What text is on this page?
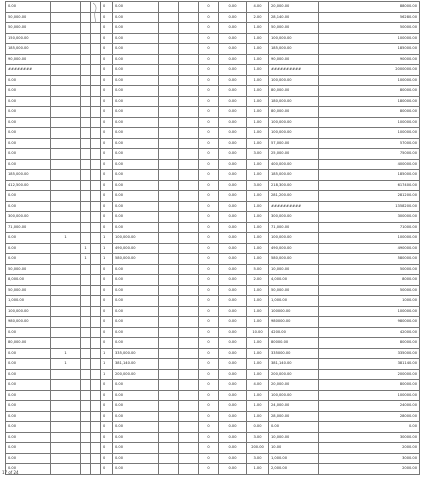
0.00				0	0.00			0	0.00	4.00	20,000.00	88000.00
50,000.00				0	0.00			0	0.00	2.00	28,140.00	56280.00
50,000.00				0	0.00			0	0.00	1.00	50,000.00	50000.00
150,000.00				0	0.00			0	0.00	1.00	100,000.00	100000.00
185,000.00				0	0.00			0	0.00	1.00	185,000.00	185000.00
90,000.00				0	0.00			0	0.00	1.00	90,000.00	90000.00
########				0	0.00			0	0.00	1.00	##########	2000000.00
0.00				0	0.00			0	0.00	1.00	100,000.00	100000.00
0.00				0	0.00			0	0.00	1.00	80,000.00	80000.00
0.00				0	0.00			0	0.00	1.00	180,000.00	180000.00
0.00				0	0.00			0	0.00	1.00	80,000.00	80000.00
0.00				0	0.00			0	0.00	1.00	100,000.00	100000.00
0.00				0	0.00			0	0.00	1.00	100,000.00	100000.00
0.00				0	0.00			0	0.00	1.00	57,000.00	57000.00
0.00				0	0.00			0	0.00	3.00	25,000.00	75000.00
0.00				0	0.00			0	0.00	1.00	400,000.00	400000.00
185,000.00				0	0.00			0	0.00	1.00	185,000.00	185000.00
412,500.00				0	0.00			0	0.00	3.00	218,300.00	617400.00
0.00				0	0.00			0	0.00	1.00	281,200.00	281200.00
0.00				0	0.00			0	0.00	1.00	##########	1358200.00
300,000.00				0	0.00			0	0.00	1.00	300,000.00	300000.00
71,000.00				0	0.00			0	0.00	1.00	71,000.00	71000.00
0.00	1			1	100,000.00			0	0.00	1.00	100,000.00	100000.00
0.00		1		1	490,000.00			0	0.00	1.00	490,000.00	490000.00
0.00		1		1	580,000.00			0	0.00	1.00	580,000.00	580000.00
50,000.00				0	0.00			0	0.00	5.00	10,000.00	50000.00
8,000.00				0	0.00			0	0.00	2.00	4,000.00	8000.00
50,000.00				0	0.00			0	0.00	1.00	50,000.00	50000.00
1,000.00				0	0.00			0	0.00	1.00	1,000.00	1000.00
100,000.00				0	0.00			0	0.00	1.00	100000.00	100000.00
980,000.00				0	0.00			0	0.00	1.00	980000.00	980000.00
0.00				0	0.00			0	0.00	10.00	4200.00	42000.00
80,000.00				0	0.00			0	0.00	1.00	80000.00	80000.00
0.00	1			1	335,000.00			0	0.00	1.00	335000.00	335000.00
0.00	1			1	381,140.00			0	0.00	1.00	381,140.00	381140.00
0.00				1	200,000.00			0	0.00	1.00	200,000.00	200000.00
0.00				0	0.00			0	0.00	4.00	20,000.00	80000.00
0.00				0	0.00			0	0.00	1.00	100,000.00	100000.00
0.00				0	0.00			0	0.00	1.00	24,000.00	24000.00
0.00				0	0.00			0	0.00	1.00	28,000.00	28000.00
0.00				0	0.00			0	0.00	0.00	0.00	0.00
0.00				0	0.00			0	0.00	3.00	10,000.00	30000.00
0.00				0	0.00			0	0.00	200.00	10.00	2000.00
0.00				0	0.00			0	0.00	3.00	1,000.00	3000.00
0.00				0	0.00			0	0.00	1.00	2,000.00	2000.00
17 of 24
